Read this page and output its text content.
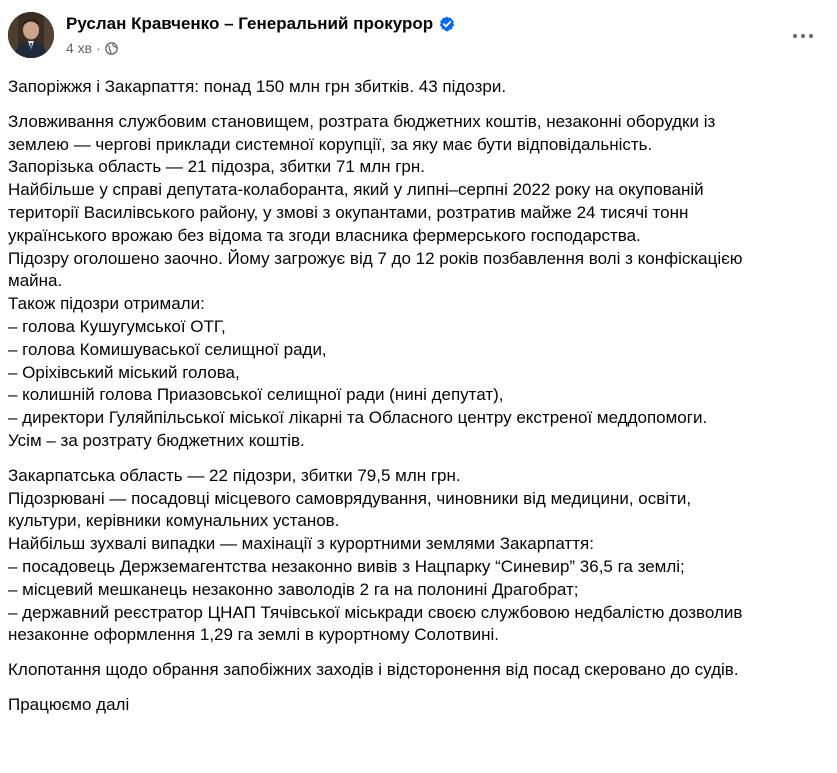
Руслан Кравченко – Генеральний прокурор
4 хв ·

Запоріжжя і Закарпаття: понад 150 млн грн збитків. 43 підозри.

Зловживання службовим становищем, розтрата бюджетних коштів, незаконні оборудки із

землею — чергові приклади системної корупції, за яку має бути відповідальність.

Запорізька область — 21 підозра, збитки 71 млн грн.

Найбільше у справі депутата-колаборанта, який у липні–серпні 2022 року на окупованій

території Василівського району, у змові з окупантами, розтратив майже 24 тисячі тонн

українського врожаю без відома та згоди власника фермерського господарства.

Підозру оголошено заочно. Йому загрожує від 7 до 12 років позбавлення волі з конфіскацією

майна.

Також підозри отримали:

– голова Кушугумської ОТГ,

– голова Комишуваської селищної ради,

– Оріхівський міський голова,

– колишній голова Приазовської селищної ради (нині депутат),

– директори Гуляйпільської міської лікарні та Обласного центру екстреної меддопомоги.

Усім – за розтрату бюджетних коштів.

Закарпатська область — 22 підозри, збитки 79,5 млн грн.

Підозрювані — посадовці місцевого самоврядування, чиновники від медицини, освіти,

культури, керівники комунальних установ.

Найбільш зухвалі випадки — махінації з курортними землями Закарпаття:

– посадовець Держземагентства незаконно вивів з Нацпарку “Синевир” 36,5 га землі;

– місцевий мешканець незаконно заволодів 2 га на полонині Драгобрат;

– державний реєстратор ЦНАП Тячівської міськради своєю службовою недбалістю дозволив

незаконне оформлення 1,29 га землі в курортному Солотвині.

Клопотання щодо обрання запобіжних заходів і відсторонення від посад скеровано до судів.

Працюємо далі
